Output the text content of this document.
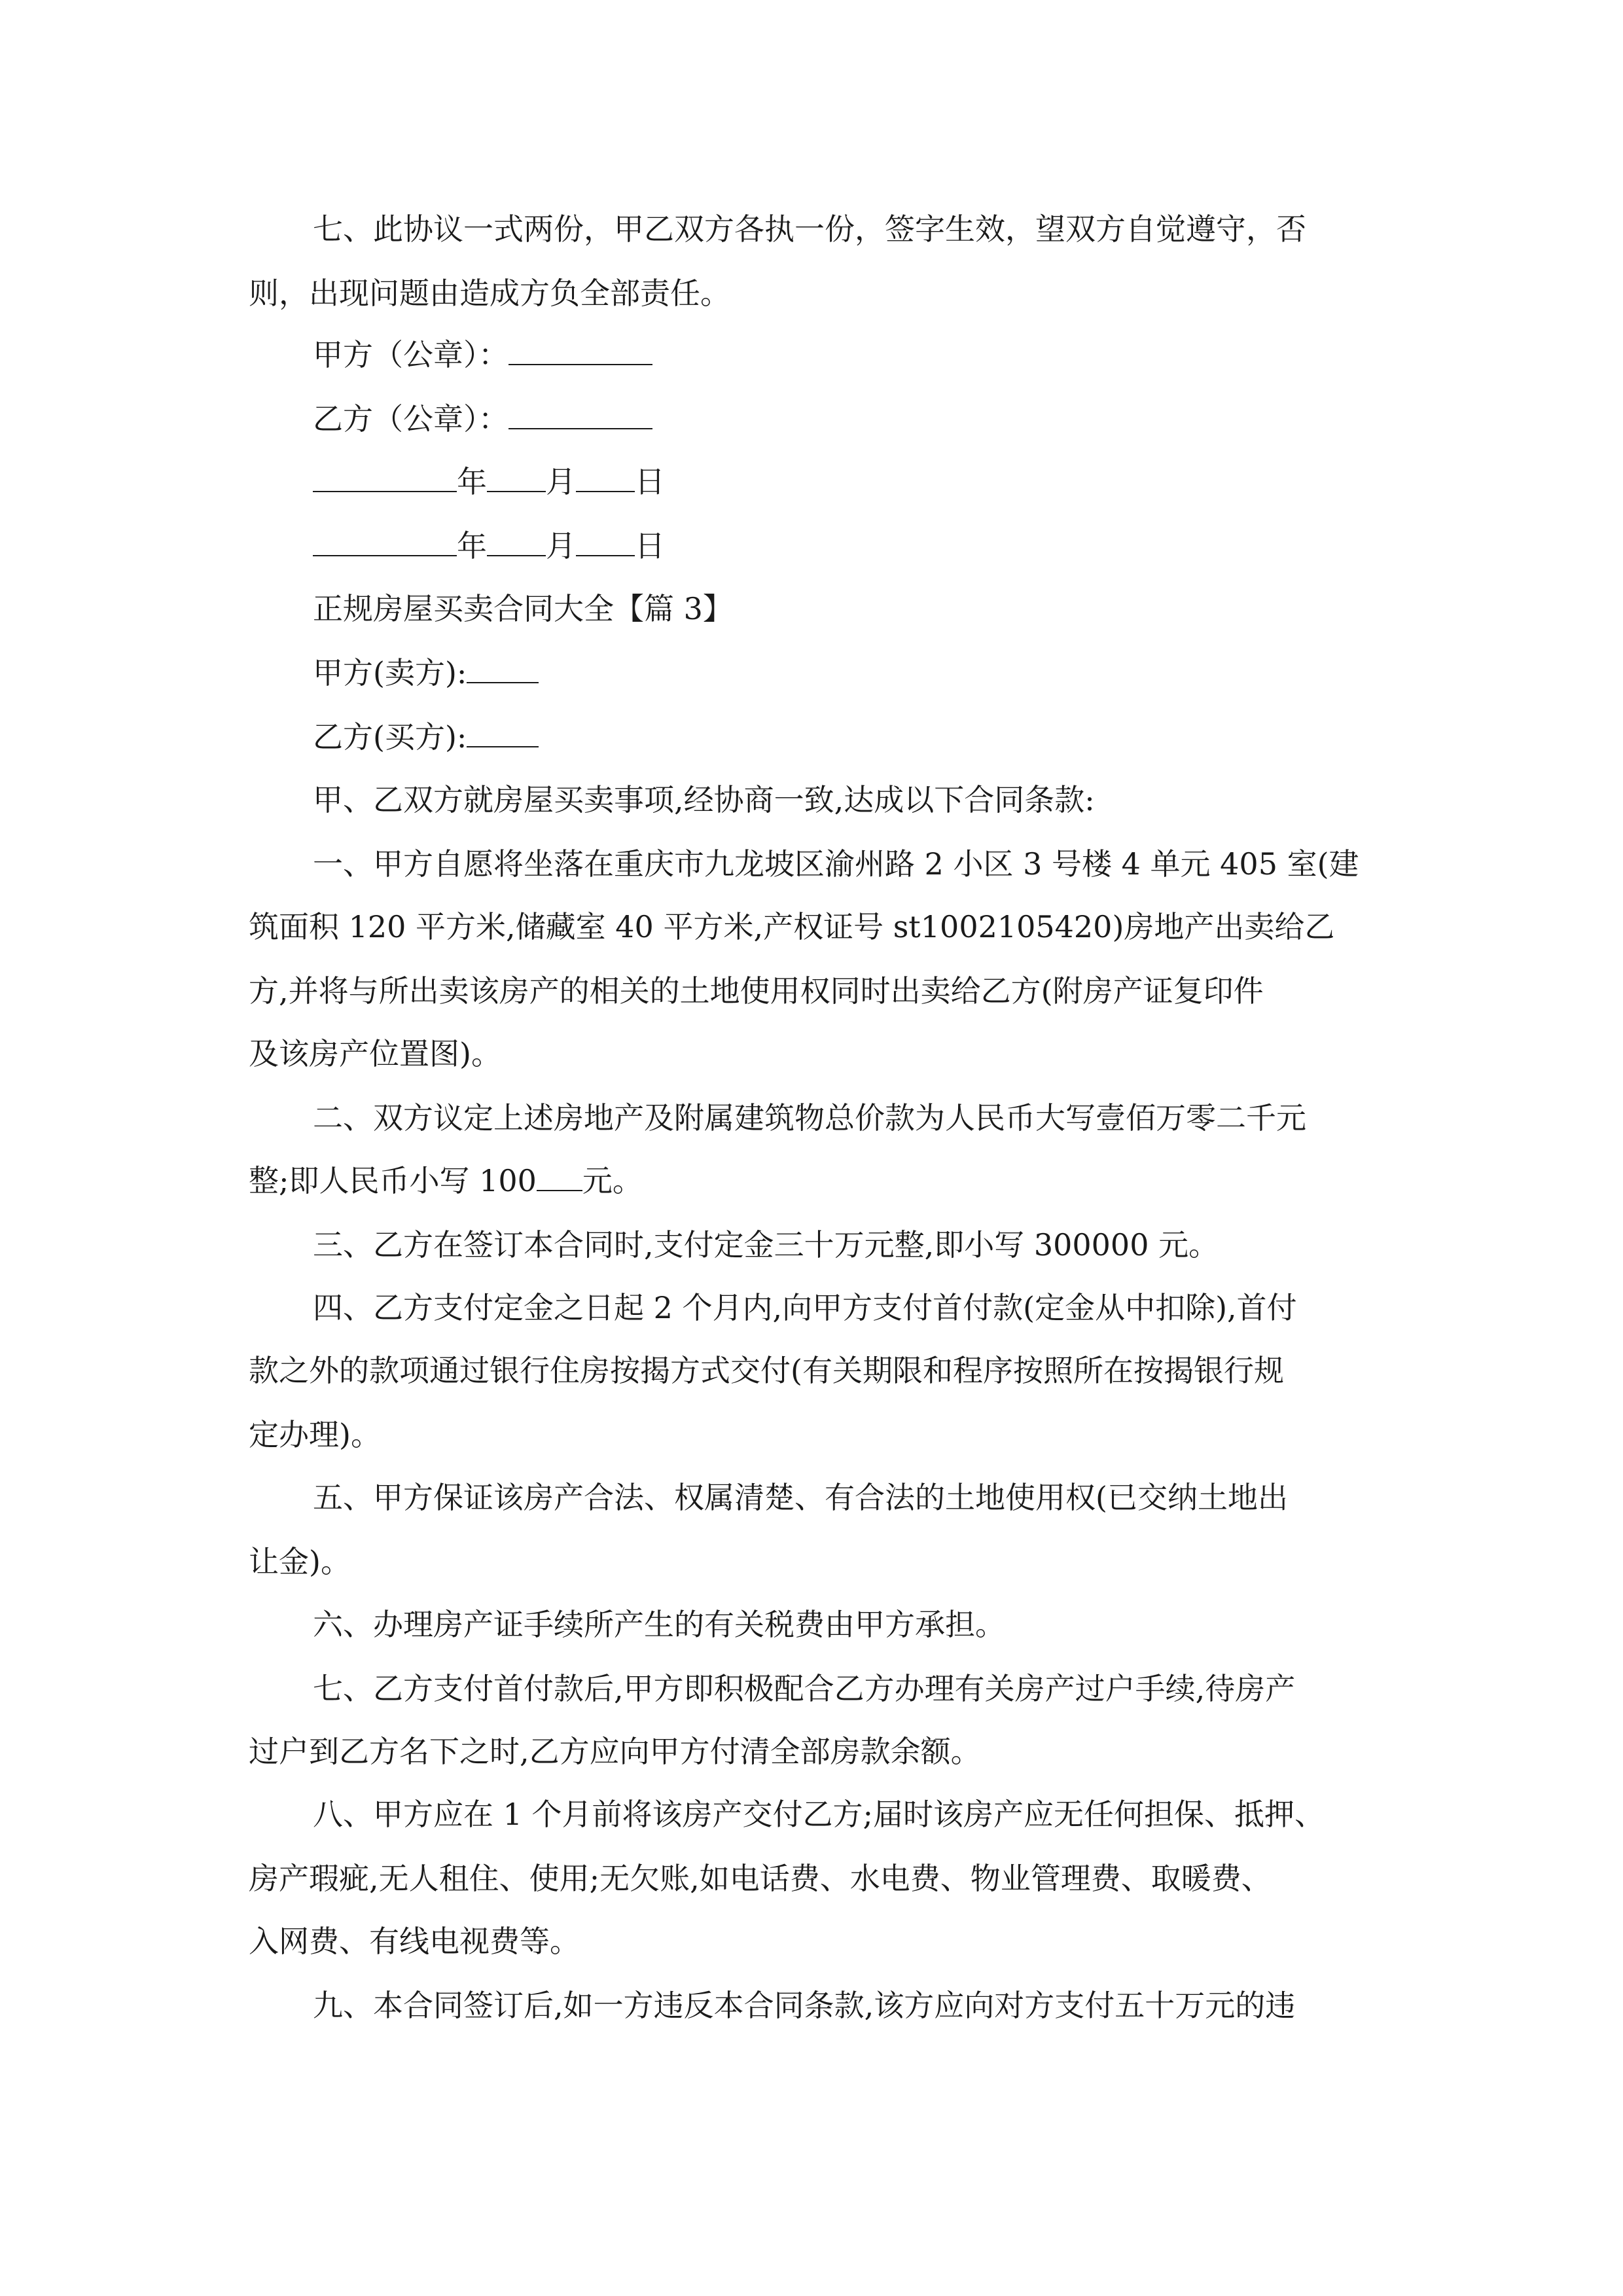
七、此协议一式两份，甲乙双方各执一份，签字生效，望双方自觉遵守，否
则，出现问题由造成方负全部责任。
甲方（公章）：
乙方（公章）：
年 月 日
年 月 日
正规房屋买卖合同大全【篇 3】
甲方(卖方):
乙方(买方):
甲、乙双方就房屋买卖事项,经协商一致,达成以下合同条款:
一、甲方自愿将坐落在重庆市九龙坡区渝州路 2 小区 3 号楼 4 单元 405 室(建
筑面积 120 平方米,储藏室 40 平方米,产权证号 st1002105420)房地产出卖给乙
方,并将与所出卖该房产的相关的土地使用权同时出卖给乙方(附房产证复印件
及该房产位置图)。
二、双方议定上述房地产及附属建筑物总价款为人民币大写壹佰万零二千元
整;即人民币小写 100 元。
三、乙方在签订本合同时,支付定金三十万元整,即小写 300000 元。
四、乙方支付定金之日起 2 个月内,向甲方支付首付款(定金从中扣除),首付
款之外的款项通过银行住房按揭方式交付(有关期限和程序按照所在按揭银行规
定办理)。
五、甲方保证该房产合法、权属清楚、有合法的土地使用权(已交纳土地出
让金)。
六、办理房产证手续所产生的有关税费由甲方承担。
七、乙方支付首付款后,甲方即积极配合乙方办理有关房产过户手续,待房产
过户到乙方名下之时,乙方应向甲方付清全部房款余额。
八、甲方应在 1 个月前将该房产交付乙方;届时该房产应无任何担保、抵押、
房产瑕疵,无人租住、使用;无欠账,如电话费、水电费、物业管理费、取暖费、
入网费、有线电视费等。
九、本合同签订后,如一方违反本合同条款,该方应向对方支付五十万元的违
